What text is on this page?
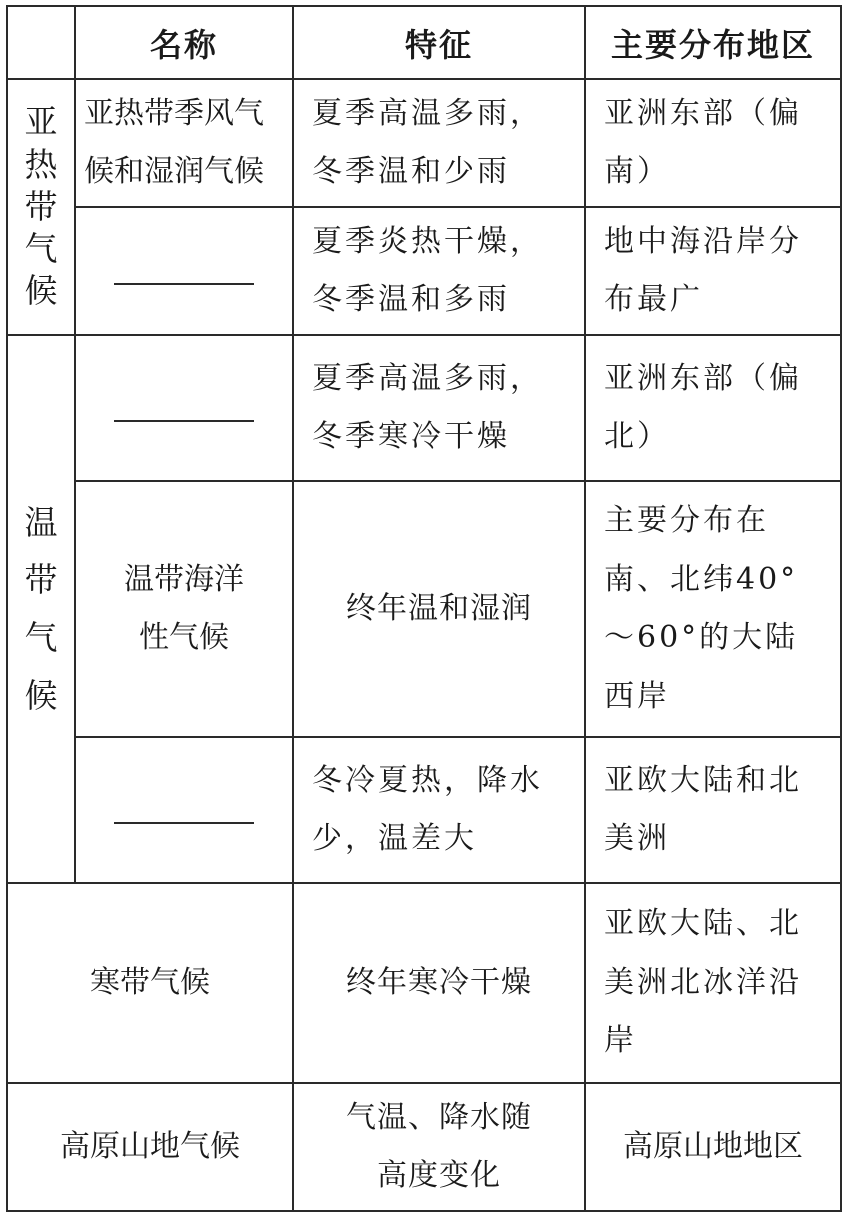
	名称	特征	主要分布地区

亚热带气候	亚热带季风气候和湿润气候	夏季高温多雨，冬季温和少雨	亚洲东部（偏南）

		夏季炎热干燥，冬季温和多雨	地中海沿岸分布最广

温带气候		夏季高温多雨，冬季寒冷干燥	亚洲东部（偏北）
	温带海洋性气候	终年温和湿润	主要分布在南、北纬40°～60°的大陆西岸

		冬冷夏热，降水少，温差大	亚欧大陆和北美洲
寒带气候		终年寒冷干燥	亚欧大陆、北美洲北冰洋沿岸
高原山地气候		气温、降水随高度变化	高原山地地区
